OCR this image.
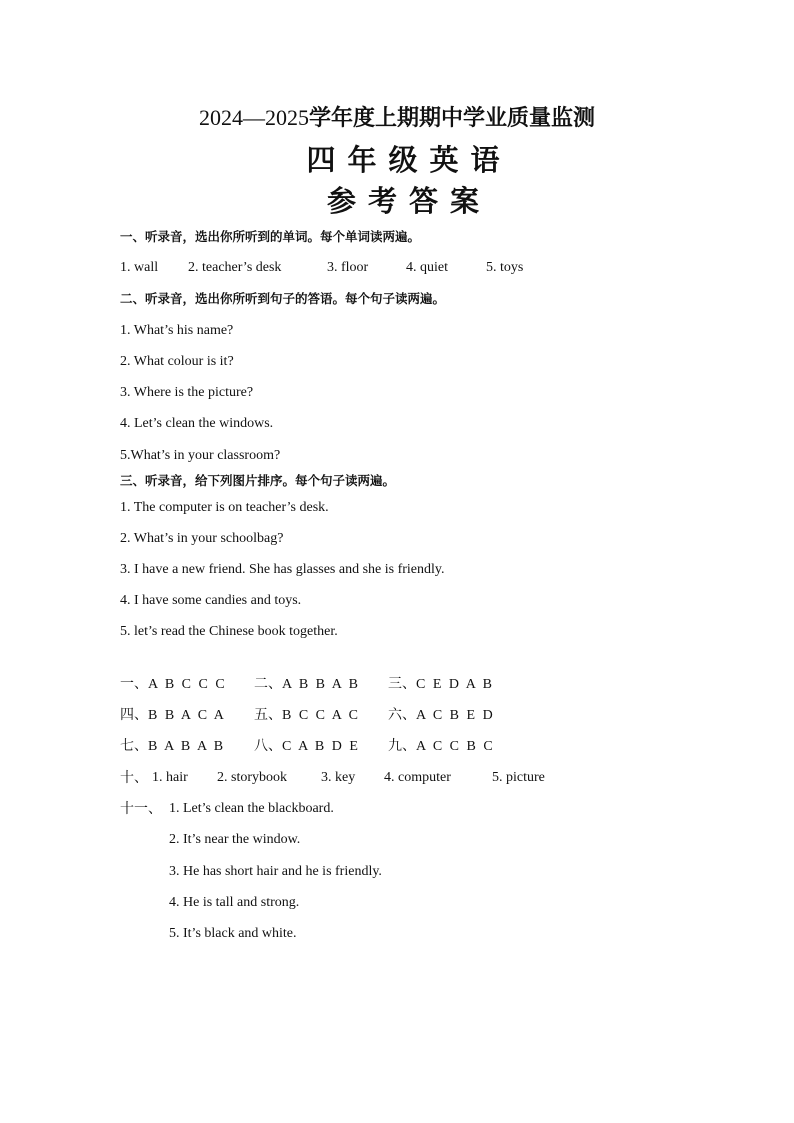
2024—2025学年度上期期中学业质量监测
四年级英语
参考答案
一、听录音，选出你所听到的单词。每个单词读两遍。
1. wall 2. teacher’s desk	3. floor	4. quiet	5. toys
二、听录音，选出你所听到句子的答语。每个句子读两遍。
1. What’s his name?
2. What colour is it?
3. Where is the picture?
4. Let’s clean the windows.
5.What’s in your classroom?
三、听录音，给下列图片排序。每个句子读两遍。
1. The computer is on teacher’s desk.
2. What’s in your schoolbag?
3. I have a new friend. She has glasses and she is friendly.
4. I have some candies and toys.
5. let’s read the Chinese book together.
一、A B C C C 二、A B B A B 三、C E D A B
四、B B A C A 五、B C C A C 六、A C B E D
七、B A B A B 八、C A B D E 九、A C C B C
十、 1. hair 2. storybook 3. key 4. computer	5. picture
十一、 1. Let’s clean the blackboard.
2. It’s near the window.
3. He has short hair and he is friendly.
4. He is tall and strong.
5. It’s black and white.
